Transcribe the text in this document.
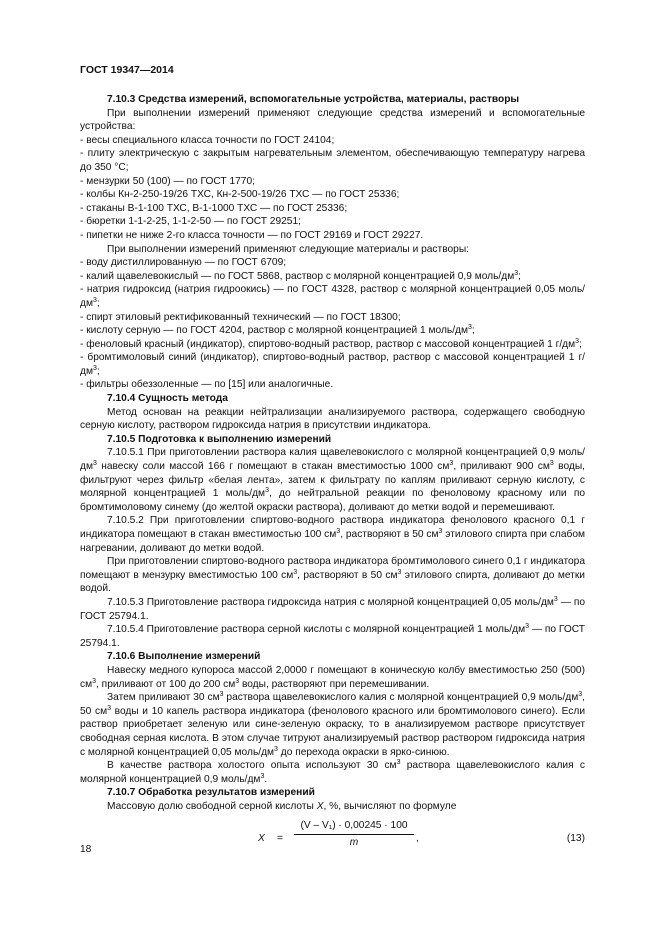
ГОСТ 19347—2014
7.10.3 Средства измерений, вспомогательные устройства, материалы, растворы
При выполнении измерений применяют следующие средства измерений и вспомогательные устройства:
- весы специального класса точности по ГОСТ 24104;
- плиту электрическую с закрытым нагревательным элементом, обеспечивающую температуру нагрева до 350 °С;
- мензурки 50 (100) — по ГОСТ 1770;
- колбы Кн-2-250-19/26 ТХС, Кн-2-500-19/26 ТХС — по ГОСТ 25336;
- стаканы В-1-100 ТХС, В-1-1000 ТХС — по ГОСТ 25336;
- бюретки 1-1-2-25, 1-1-2-50 — по ГОСТ 29251;
- пипетки не ниже 2-го класса точности — по ГОСТ 29169 и ГОСТ 29227.
При выполнении измерений применяют следующие материалы и растворы:
- воду дистиллированную — по ГОСТ 6709;
- калий щавелевокислый — по ГОСТ 5868, раствор с молярной концентрацией 0,9 моль/$дм^3$;
- натрия гидроксид (натрия гидроокись) — по ГОСТ 4328, раствор с молярной концентрацией 0,05 моль/$дм^3$;
- спирт этиловый ректификованный технический — по ГОСТ 18300;
- кислоту серную — по ГОСТ 4204, раствор с молярной концентрацией 1 моль/$дм^3$;
- феноловый красный (индикатор), спиртово-водный раствор, раствор с массовой концентрацией 1 $г/дм^3$;
- бромтимоловый синий (индикатор), спиртово-водный раствор, раствор с массовой концентрацией 1 $г/дм^3$;
- фильтры обеззоленные — по [15] или аналогичные.
7.10.4 Сущность метода
Метод основан на реакции нейтрализации анализируемого раствора, содержащего свободную серную кислоту, раствором гидроксида натрия в присутствии индикатора.
7.10.5 Подготовка к выполнению измерений
7.10.5.1 При приготовлении раствора калия щавелевокислого с молярной концентрацией 0,9 моль/$дм^3$ навеску соли массой 166 г помещают в стакан вместимостью 1000 $см^3$, приливают 900 $см^3$ воды, фильтруют через фильтр «белая лента», затем к фильтрату по каплям приливают серную кислоту, с молярной концентрацией 1 моль/$дм^3$, до нейтральной реакции по феноловому красному или по бромтимоловому синему (до желтой окраски раствора), доливают до метки водой и перемешивают.
7.10.5.2 При приготовлении спиртово-водного раствора индикатора фенолового красного 0,1 г индикатора помещают в стакан вместимостью 100 $см^3$, растворяют в 50 $см^3$ этилового спирта при слабом нагревании, доливают до метки водой.
При приготовлении спиртово-водного раствора индикатора бромтимолового синего 0,1 г индикатора помещают в мензурку вместимостью 100 $см^3$, растворяют в 50 $см^3$ этилового спирта, доливают до метки водой.
7.10.5.3 Приготовление раствора гидроксида натрия с молярной концентрацией 0,05 моль/$дм^3$ — по ГОСТ 25794.1.
7.10.5.4 Приготовление раствора серной кислоты с молярной концентрацией 1 моль/$дм^3$ — по ГОСТ 25794.1.
7.10.6 Выполнение измерений
Навеску медного купороса массой 2,0000 г помещают в коническую колбу вместимостью 250 (500) $см^3$, приливают от 100 до 200 $см^3$ воды, растворяют при перемешивании.
Затем приливают 30 $см^3$ раствора щавелевокислого калия с молярной концентрацией 0,9 моль/$дм^3$, 50 $см^3$ воды и 10 капель раствора индикатора (фенолового красного или бромтимолового синего). Если раствор приобретает зеленую или сине-зеленую окраску, то в анализируемом растворе присутствует свободная серная кислота. В этом случае титруют анализируемый раствор раствором гидроксида натрия с молярной концентрацией 0,05 моль/$дм^3$ до перехода окраски в ярко-синюю.
В качестве раствора холостого опыта используют 30 $см^3$ раствора щавелевокислого калия с молярной концентрацией 0,9 моль/$дм^3$.
7.10.7 Обработка результатов измерений
Массовую долю свободной серной кислоты X, %, вычисляют по формуле
$X = \frac{\text{(V – V₁) · 0,00245 · 100}}{m}$ ,	(13)
18
